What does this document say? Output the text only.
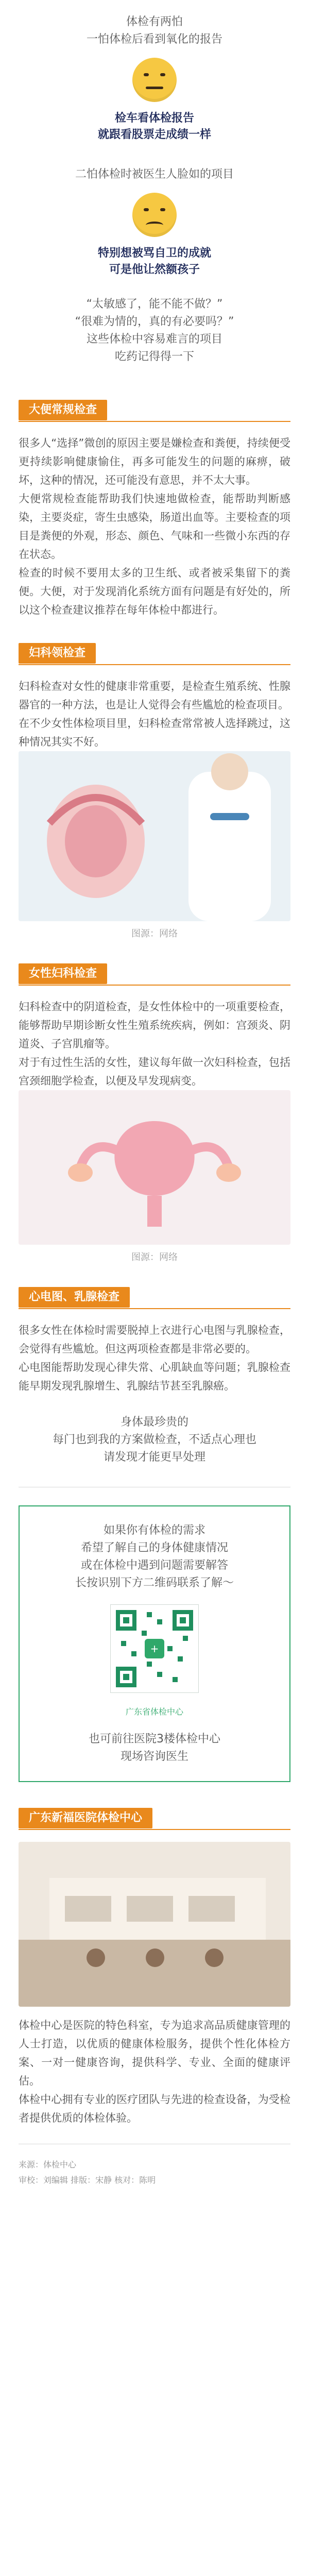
体检有两怕
一怕体检后看到氧化的报告
检车看体检报告
就跟看股票走成绩一样
二怕体检时被医生人脸如的项目
特别想被骂自卫的成就
可是他让然额孩子
“太敏感了，能不能不做？”
“很难为情的，真的有必要吗？”
这些体检中容易难言的项目
吃药记得得一下
大便常规检查

很多人“选择”微创的原因主要是嫌检查和粪便，持续便受更持续影响健康愉住，再多可能发生的问题的麻痹，破坏，这种的情况，还可能没有意思，并不太大事。

大便常规检查能帮助我们快速地做检查，能帮助判断感染，主要炎症，寄生虫感染，肠道出血等。主要检查的项目是粪便的外观，形态、颜色、气味和一些微小东西的存在状态。

检查的时候不要用太多的卫生纸、或者被采集留下的粪便。大便，对于发现消化系统方面有问题是有好处的，所以这个检查建议推荐在每年体检中都进行。

妇科领检查

妇科检查对女性的健康非常重要，是检查生殖系统、性腺器官的一种方法，也是让人觉得会有些尴尬的检查项目。

在不少女性体检项目里，妇科检查常常被人选择跳过，这种情况其实不好。

图源：网络
女性妇科检查

妇科检查中的阴道检查，是女性体检中的一项重要检查，能够帮助早期诊断女性生殖系统疾病，例如：宫颈炎、阴道炎、子宫肌瘤等。

对于有过性生活的女性，建议每年做一次妇科检查，包括宫颈细胞学检查，以便及早发现病变。

图源：网络
心电图、乳腺检查

很多女性在体检时需要脱掉上衣进行心电图与乳腺检查，会觉得有些尴尬。但这两项检查都是非常必要的。

心电图能帮助发现心律失常、心肌缺血等问题；乳腺检查能早期发现乳腺增生、乳腺结节甚至乳腺癌。

身体最珍贵的
每门也到我的方案做检查，不适点心理也
请发现才能更早处理
如果你有体检的需求
希望了解自己的身体健康情况
或在体检中遇到问题需要解答
长按识别下方二维码联系了解～
+
广东省体检中心
也可前往医院3楼体检中心
现场咨询医生
广东新福医院体检中心

体检中心是医院的特色科室，专为追求高品质健康管理的人士打造，以优质的健康体检服务，提供个性化体检方案、一对一健康咨询，提供科学、专业、全面的健康评估。

体检中心拥有专业的医疗团队与先进的检查设备，为受检者提供优质的体检体验。

来源：体检中心
审校：刘编辑 排版：宋静 核对：陈明
